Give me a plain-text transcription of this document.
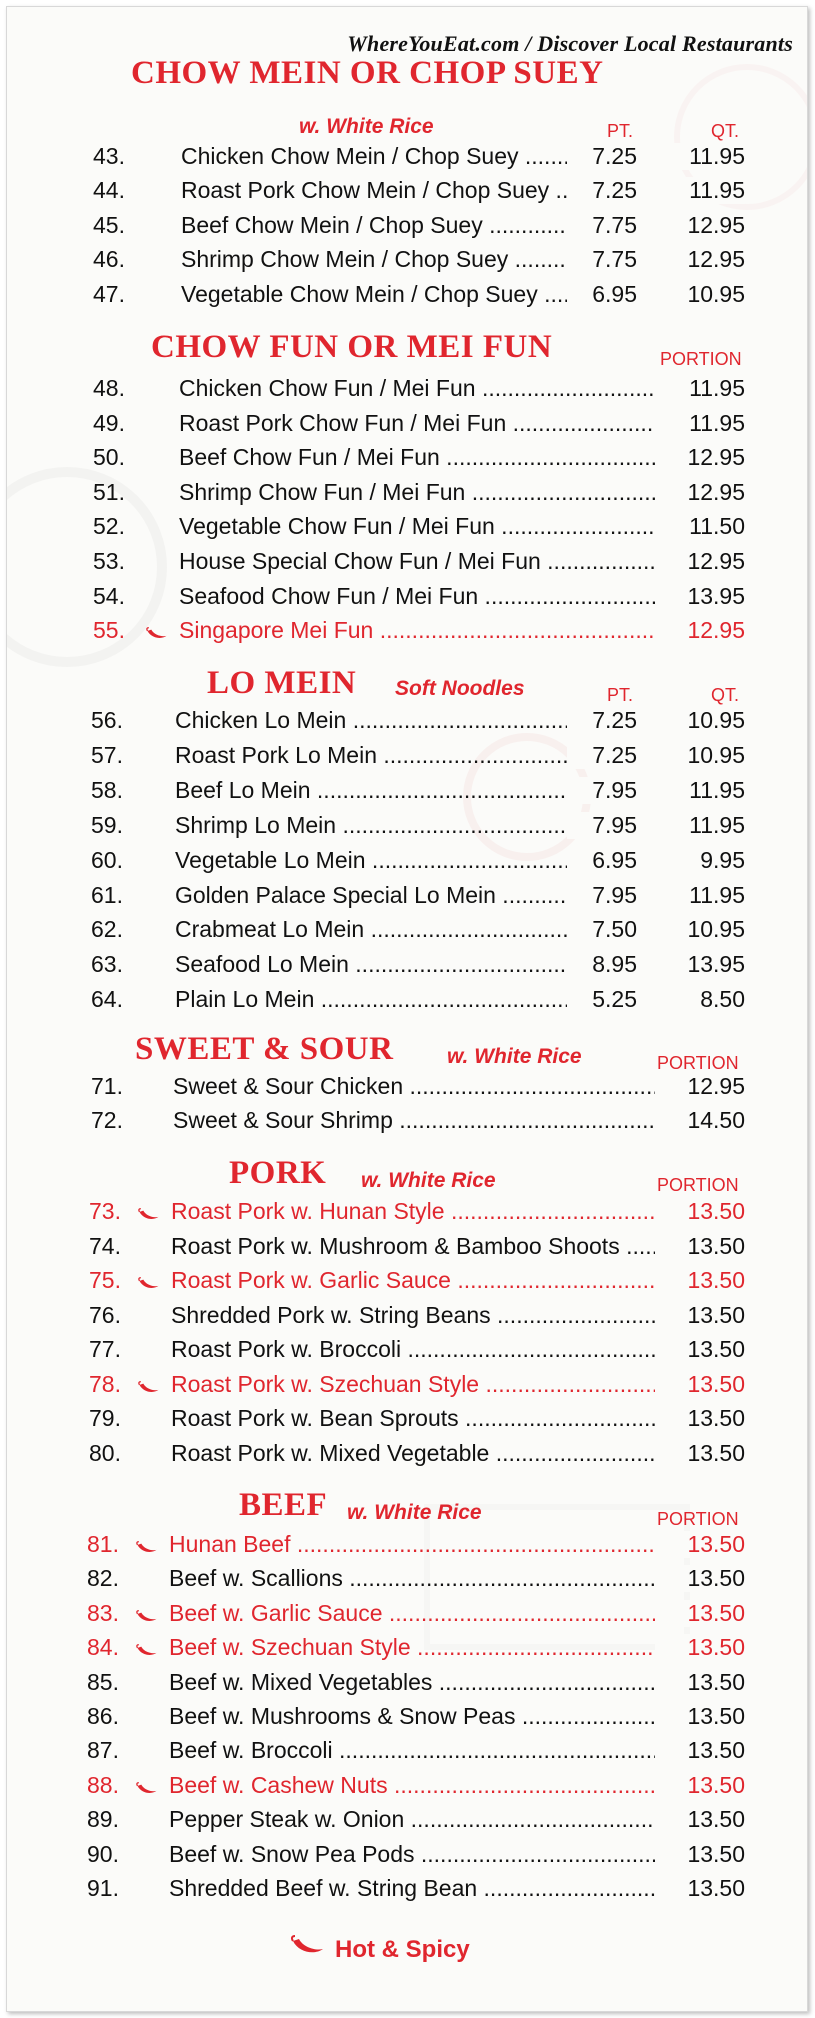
WhereYouEat.com / Discover Local Restaurants
CHOW MEIN OR CHOP SUEY
w. White Rice	PT.	QT.
CHOW FUN OR MEI FUN	PORTION
LO MEIN Soft Noodles	PT.	QT.
SWEET & SOUR	w. White Rice	PORTION
PORK w. White Rice	PORTION
BEEF w. White Rice	PORTION
43. Chicken Chow Mein / Chop Suey .....	7.25	11.95
44. Roast Pork Chow Mein / Chop Suey .....	7.25	11.95
45. Beef Chow Mein / Chop Suey .....	7.75	12.95
46. Shrimp Chow Mein / Chop Suey .....	7.75	12.95
47. Vegetable Chow Mein / Chop Suey .....	6.95	10.95
48. Chicken Chow Fun / Mei Fun .....	11.95
49. Roast Pork Chow Fun / Mei Fun .....	11.95
50. Beef Chow Fun / Mei Fun .....	12.95
51. Shrimp Chow Fun / Mei Fun .....	12.95
52. Vegetable Chow Fun / Mei Fun .....	11.50
53. House Special Chow Fun / Mei Fun .....	12.95
54. Seafood Chow Fun / Mei Fun .....	13.95
55. Singapore Mei Fun .....	12.95
56. Chicken Lo Mein .....	7.25	10.95
57. Roast Pork Lo Mein .....	7.25	10.95
58. Beef Lo Mein .....	7.95	11.95
59. Shrimp Lo Mein .....	7.95	11.95
60. Vegetable Lo Mein .....	6.95	9.95
61. Golden Palace Special Lo Mein .....	7.95	11.95
62. Crabmeat Lo Mein .....	7.50	10.95
63. Seafood Lo Mein .....	8.95	13.95
64. Plain Lo Mein .....	5.25	8.50
71. Sweet & Sour Chicken .....	12.95
72. Sweet & Sour Shrimp .....	14.50
73. Roast Pork w. Hunan Style .....	13.50
74. Roast Pork w. Mushroom & Bamboo Shoots .....	13.50
75. Roast Pork w. Garlic Sauce .....	13.50
76. Shredded Pork w. String Beans .....	13.50
77. Roast Pork w. Broccoli .....	13.50
78. Roast Pork w. Szechuan Style .....	13.50
79. Roast Pork w. Bean Sprouts .....	13.50
80. Roast Pork w. Mixed Vegetable .....	13.50
81. Hunan Beef .....	13.50
82. Beef w. Scallions .....	13.50
83. Beef w. Garlic Sauce .....	13.50
84. Beef w. Szechuan Style .....	13.50
85. Beef w. Mixed Vegetables .....	13.50
86. Beef w. Mushrooms & Snow Peas .....	13.50
87. Beef w. Broccoli .....	13.50
88. Beef w. Cashew Nuts .....	13.50
89. Pepper Steak w. Onion .....	13.50
90. Beef w. Snow Pea Pods .....	13.50
91. Shredded Beef w. String Bean .....	13.50
Hot & Spicy
